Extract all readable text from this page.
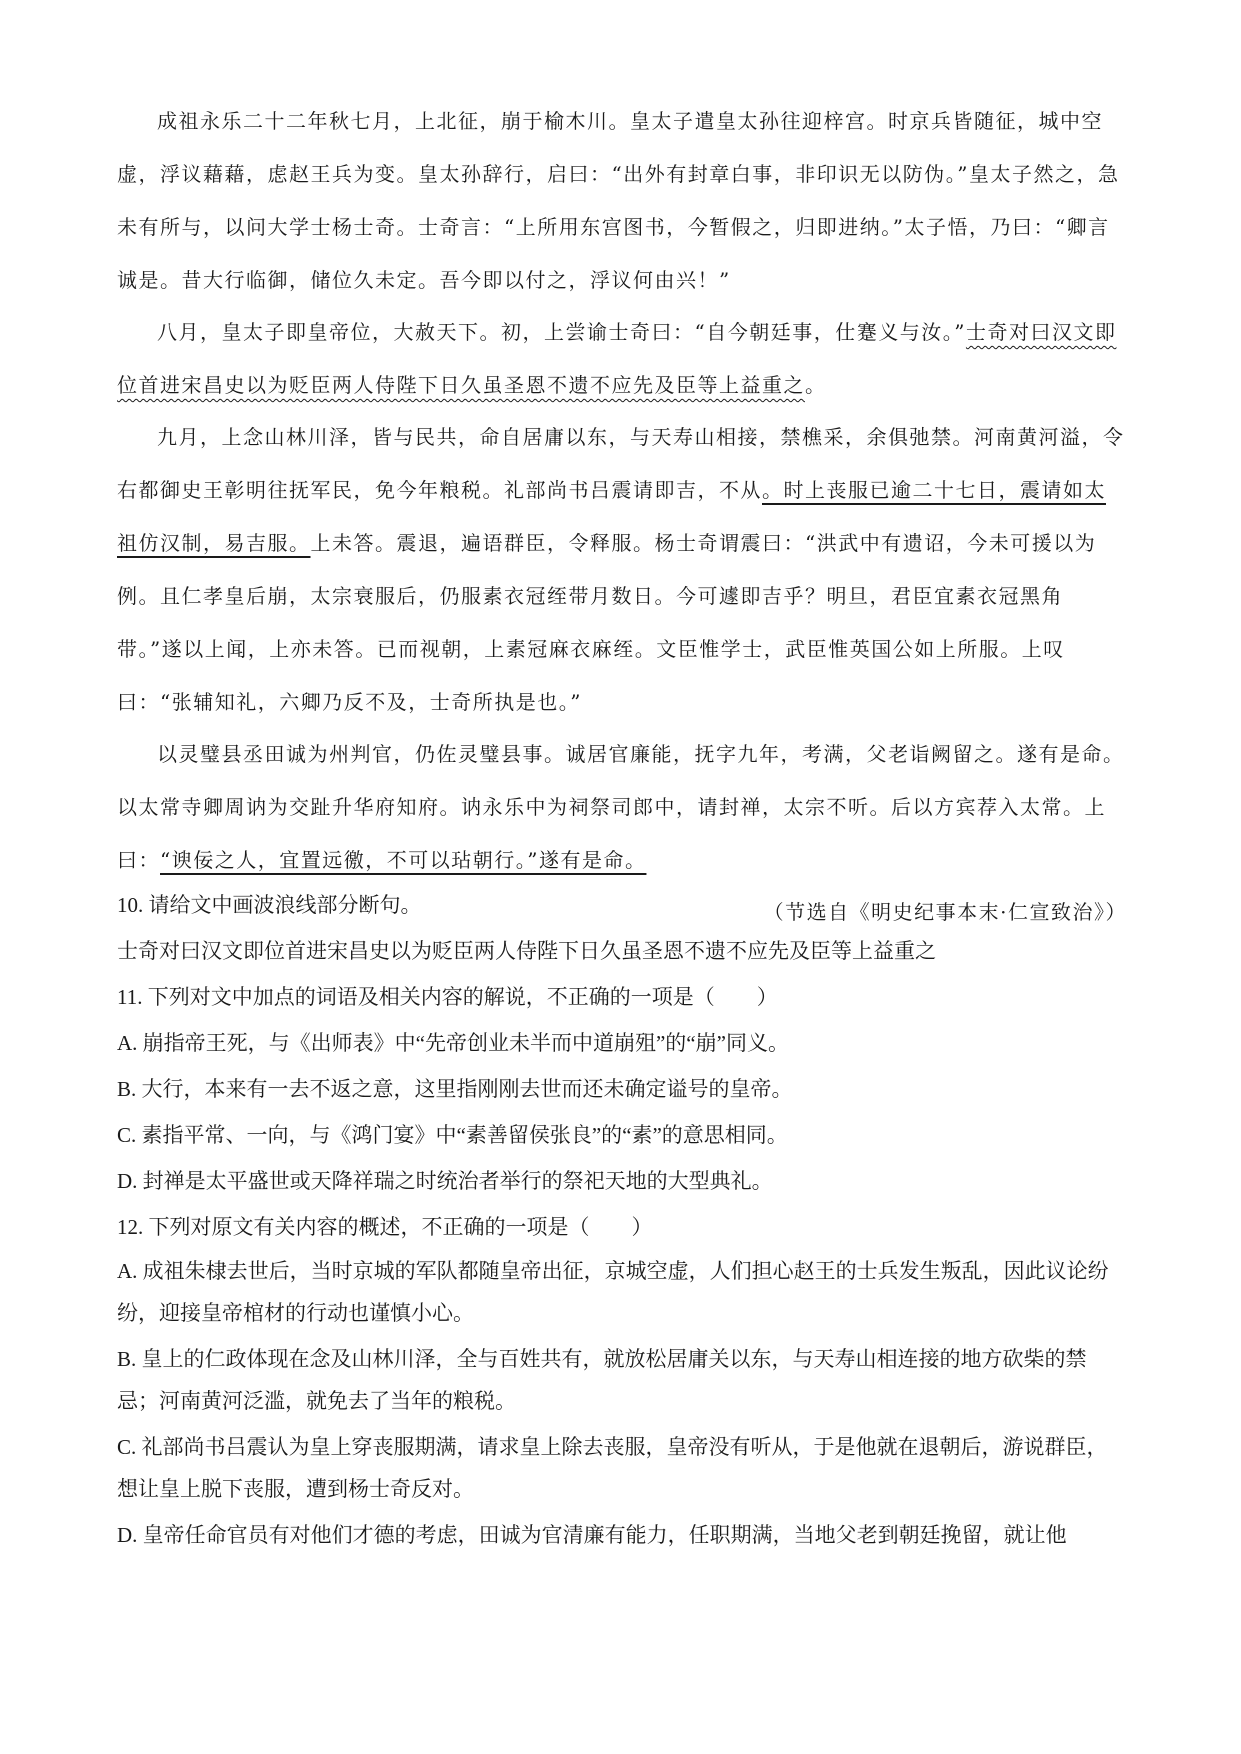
成祖永乐二十二年秋七月，上北征，崩于榆木川。皇太子遣皇太孙往迎梓宫。时京兵皆随征，城中空虚，浮议藉藉，虑赵王兵为变。皇太孙辞行，启曰：“出外有封章白事，非印识无以防伪。”皇太子然之，急未有所与，以问大学士杨士奇。士奇言：“上所用东宫图书，今暂假之，归即进纳。”太子悟，乃曰：“卿言诚是。昔大行临御，储位久未定。吾今即以付之，浮议何由兴！”

八月，皇太子即皇帝位，大赦天下。初，上尝谕士奇曰：“自今朝廷事，仕蹇义与汝。”士奇对曰汉文即位首进宋昌史以为贬臣两人侍陛下日久虽圣恩不遗不应先及臣等上益重之。

九月，上念山林川泽，皆与民共，命自居庸以东，与天寿山相接，禁樵采，余俱弛禁。河南黄河溢，令右都御史王彰明往抚军民，免今年粮税。礼部尚书吕震请即吉，不从。时上丧服已逾二十七日，震请如太祖仿汉制，易吉服。上未答。震退，遍语群臣，令释服。杨士奇谓震曰：“洪武中有遗诏，今未可援以为例。且仁孝皇后崩，太宗衰服后，仍服素衣冠绖带月数日。今可遽即吉乎？明旦，君臣宜素衣冠黑角带。”遂以上闻，上亦未答。已而视朝，上素冠麻衣麻绖。文臣惟学士，武臣惟英国公如上所服。上叹曰：“张辅知礼，六卿乃反不及，士奇所执是也。”

以灵璧县丞田诚为州判官，仍佐灵璧县事。诚居官廉能，抚字九年，考满，父老诣阙留之。遂有是命。以太常寺卿周讷为交趾升华府知府。讷永乐中为祠祭司郎中，请封禅，太宗不听。后以方宾荐入太常。上曰：“谀佞之人，宜置远徼，不可以玷朝行。”遂有是命。

（节选自《明史纪事本末·仁宣致治》）

10. 请给文中画波浪线部分断句。

士奇对曰汉文即位首进宋昌史以为贬臣两人侍陛下日久虽圣恩不遗不应先及臣等上益重之

11. 下列对文中加点的词语及相关内容的解说，不正确的一项是（　　）

A. 崩指帝王死，与《出师表》中“先帝创业未半而中道崩殂”的“崩”同义。

B. 大行，本来有一去不返之意，这里指刚刚去世而还未确定谥号的皇帝。

C. 素指平常、一向，与《鸿门宴》中“素善留侯张良”的“素”的意思相同。

D. 封禅是太平盛世或天降祥瑞之时统治者举行的祭祀天地的大型典礼。

12. 下列对原文有关内容的概述，不正确的一项是（　　）

A. 成祖朱棣去世后，当时京城的军队都随皇帝出征，京城空虚，人们担心赵王的士兵发生叛乱，因此议论纷纷，迎接皇帝棺材的行动也谨慎小心。

B. 皇上的仁政体现在念及山林川泽，全与百姓共有，就放松居庸关以东，与天寿山相连接的地方砍柴的禁忌；河南黄河泛滥，就免去了当年的粮税。

C. 礼部尚书吕震认为皇上穿丧服期满，请求皇上除去丧服，皇帝没有听从，于是他就在退朝后，游说群臣，想让皇上脱下丧服，遭到杨士奇反对。

D. 皇帝任命官员有对他们才德的考虑，田诚为官清廉有能力，任职期满，当地父老到朝廷挽留，就让他
